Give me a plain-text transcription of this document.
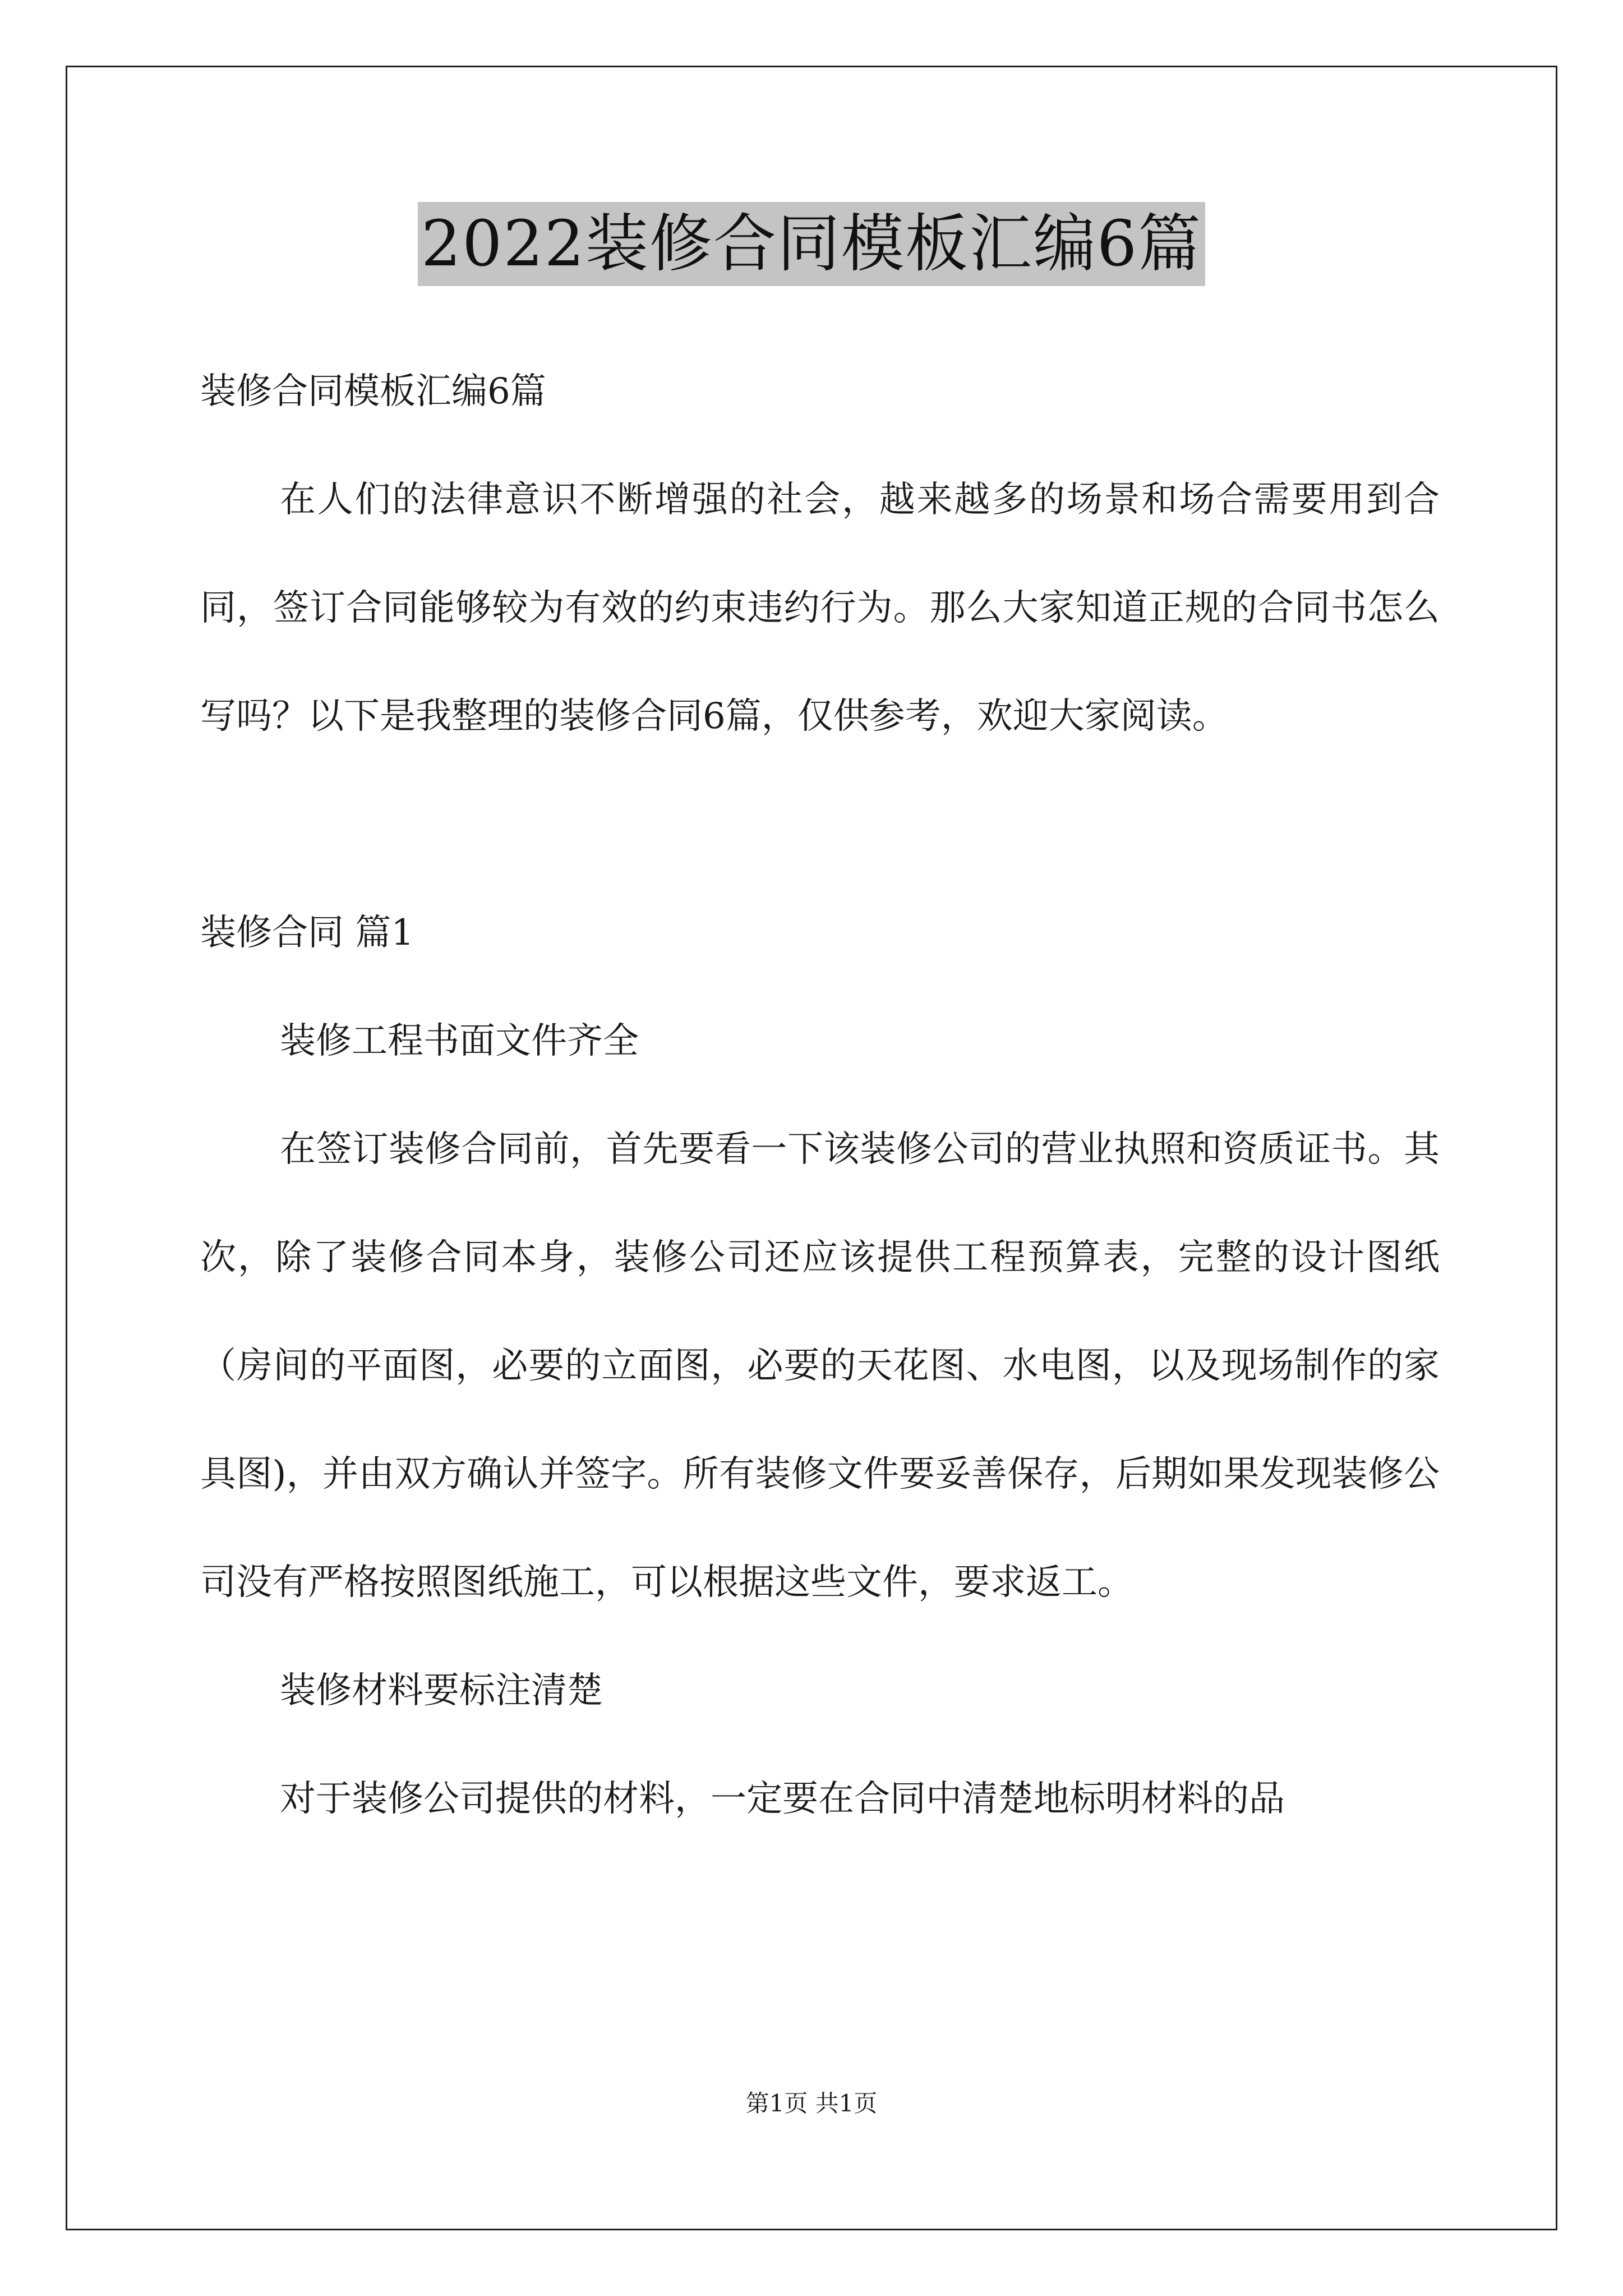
2022装修合同模板汇编6篇

装修合同模板汇编6篇

在人们的法律意识不断增强的社会，越来越多的场景和场合需要用到合同，签订合同能够较为有效的约束违约行为。那么大家知道正规的合同书怎么写吗？以下是我整理的装修合同6篇，仅供参考，欢迎大家阅读。

装修合同 篇1

装修工程书面文件齐全

在签订装修合同前，首先要看一下该装修公司的营业执照和资质证书。其次，除了装修合同本身，装修公司还应该提供工程预算表，完整的设计图纸（房间的平面图，必要的立面图，必要的天花图、水电图，以及现场制作的家具图)，并由双方确认并签字。所有装修文件要妥善保存，后期如果发现装修公司没有严格按照图纸施工，可以根据这些文件，要求返工。

装修材料要标注清楚

对于装修公司提供的材料，一定要在合同中清楚地标明材料的品

第1页 共1页
